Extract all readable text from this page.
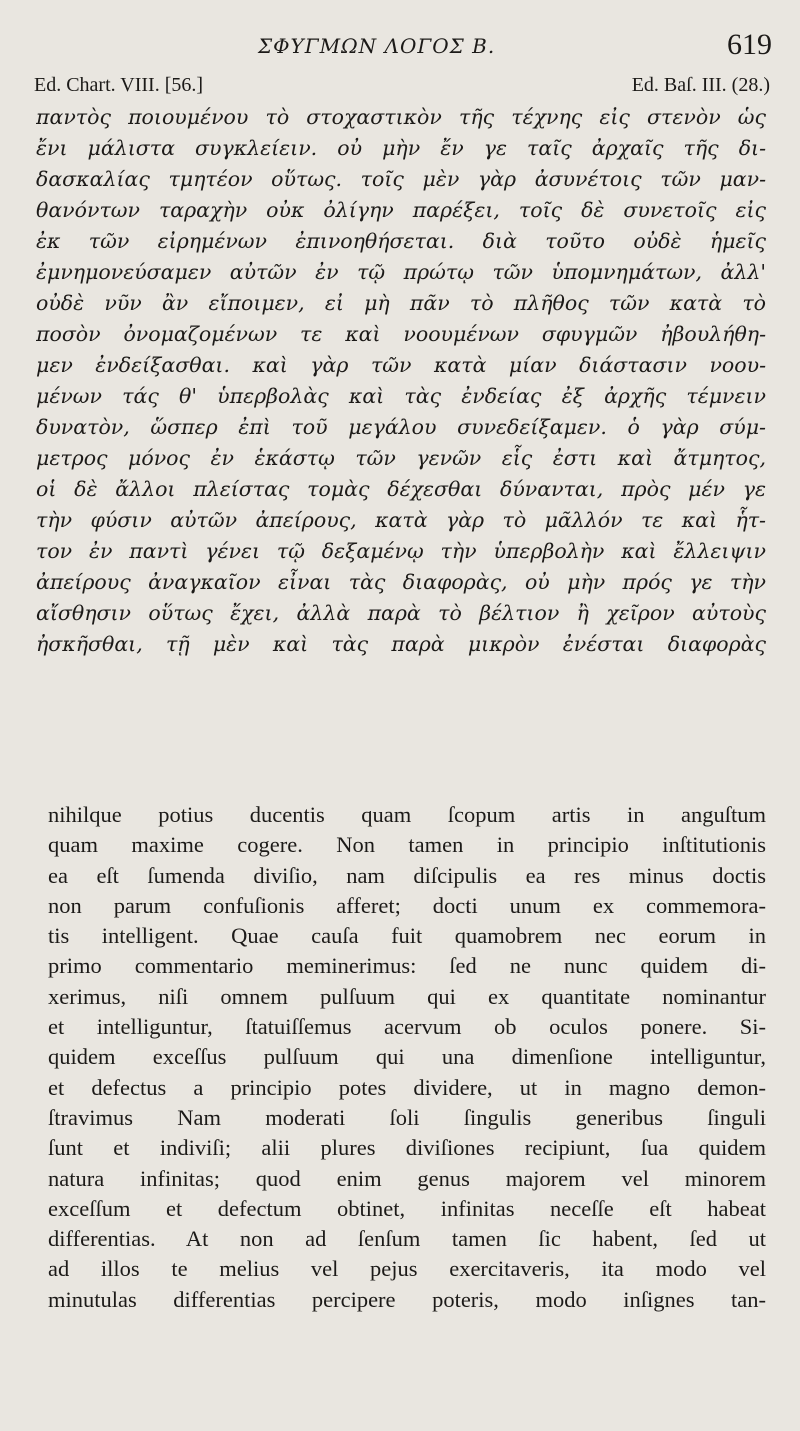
ΣΦΥΓΜΩΝ ΛΟΓΟΣ Β.	619
Ed. Chart. VIII. [56.]	Ed. Baſ. III. (28.)
παντὸς ποιουμένου τὸ στοχαστικὸν τῆς τέχνης εἰς στενὸν ὡς
ἔνι μάλιστα συγκλείειν. οὐ μὴν ἔν γε ταῖς ἀρχαῖς τῆς δι-
δασκαλίας τμητέον οὕτως. τοῖς μὲν γὰρ ἀσυνέτοις τῶν μαν-
θανόντων ταραχὴν οὐκ ὀλίγην παρέξει, τοῖς δὲ συνετοῖς εἰς
ἐκ τῶν εἰρημένων ἐπινοηθήσεται. διὰ τοῦτο οὐδὲ ἡμεῖς
ἐμνημονεύσαμεν αὐτῶν ἐν τῷ πρώτῳ τῶν ὑπομνημάτων, ἀλλ'
οὐδὲ νῦν ἂν εἴποιμεν, εἰ μὴ πᾶν τὸ πλῆθος τῶν κατὰ τὸ
ποσὸν ὀνομαζομένων τε καὶ νοουμένων σφυγμῶν ἠβουλήθη-
μεν ἐνδείξασθαι. καὶ γὰρ τῶν κατὰ μίαν διάστασιν νοου-
μένων τάς θ' ὑπερβολὰς καὶ τὰς ἐνδείας ἐξ ἀρχῆς τέμνειν
δυνατὸν, ὥσπερ ἐπὶ τοῦ μεγάλου συνεδείξαμεν. ὁ γὰρ σύμ-
μετρος μόνος ἐν ἑκάστῳ τῶν γενῶν εἷς ἐστι καὶ ἄτμητος,
οἱ δὲ ἄλλοι πλείστας τομὰς δέχεσθαι δύνανται, πρὸς μέν γε
τὴν φύσιν αὐτῶν ἀπείρους, κατὰ γὰρ τὸ μᾶλλόν τε καὶ ἧτ-
τον ἐν παντὶ γένει τῷ δεξαμένῳ τὴν ὑπερβολὴν καὶ ἔλλειψιν
ἀπείρους ἀναγκαῖον εἶναι τὰς διαφορὰς, οὐ μὴν πρός γε τὴν
αἴσθησιν οὕτως ἔχει, ἀλλὰ παρὰ τὸ βέλτιον ἢ χεῖρον αὐτοὺς
ἠσκῆσθαι, τῇ μὲν καὶ τὰς παρὰ μικρὸν ἐνέσται διαφορὰς
nihilque potius ducentis quam ſcopum artis in anguſtum
quam maxime cogere. Non tamen in principio inſtitutionis
ea eſt ſumenda diviſio, nam diſcipulis ea res minus doctis
non parum confuſionis afferet; docti unum ex commemora-
tis intelligent. Quae cauſa fuit quamobrem nec eorum in
primo commentario meminerimus: ſed ne nunc quidem di-
xerimus, niſi omnem pulſuum qui ex quantitate nominantur
et intelliguntur, ſtatuiſſemus acervum ob oculos ponere. Si-
quidem exceſſus pulſuum qui una dimenſione intelliguntur,
et defectus a principio potes dividere, ut in magno demon-
ſtravimus Nam moderati ſoli ſingulis generibus ſinguli
ſunt et indiviſi; alii plures diviſiones recipiunt, ſua quidem
natura infinitas; quod enim genus majorem vel minorem
exceſſum et defectum obtinet, infinitas neceſſe eſt habeat
differentias. At non ad ſenſum tamen ſic habent, ſed ut
ad illos te melius vel pejus exercitaveris, ita modo vel
minutulas differentias percipere poteris, modo inſignes tan-
